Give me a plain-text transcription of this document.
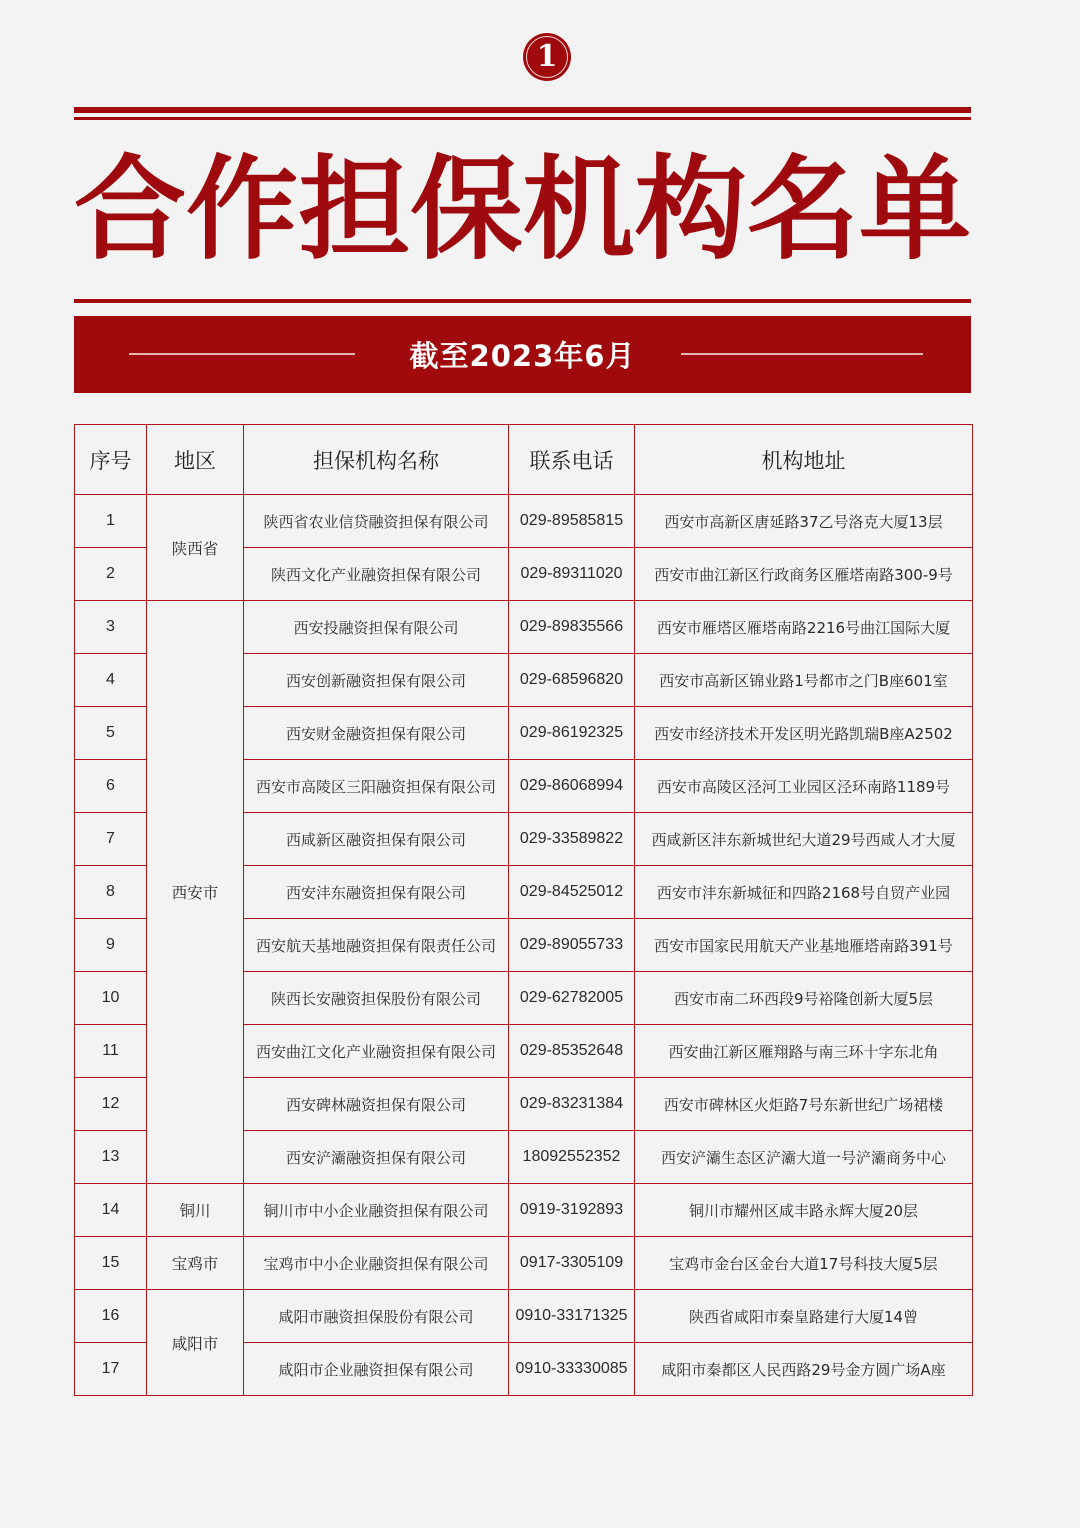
1
合 作 担 保 机 构 名 单
截至2023年6月
序号	地区	担保机构名称	联系电话	机构地址
1	陕西省	陕西省农业信贷融资担保有限公司	029-89585815	西安市高新区唐延路37乙号洛克大厦13层
2		陕西文化产业融资担保有限公司	029-89311020	西安市曲江新区行政商务区雁塔南路300-9号
3	西安市	西安投融资担保有限公司	029-89835566	西安市雁塔区雁塔南路2216号曲江国际大厦
4		西安创新融资担保有限公司	029-68596820	西安市高新区锦业路1号都市之门B座601室
5		西安财金融资担保有限公司	029-86192325	西安市经济技术开发区明光路凯瑞B座A2502
6		西安市高陵区三阳融资担保有限公司	029-86068994	西安市高陵区泾河工业园区泾环南路1189号
7		西咸新区融资担保有限公司	029-33589822	西咸新区沣东新城世纪大道29号西咸人才大厦
8		西安沣东融资担保有限公司	029-84525012	西安市沣东新城征和四路2168号自贸产业园
9		西安航天基地融资担保有限责任公司	029-89055733	西安市国家民用航天产业基地雁塔南路391号
10		陕西长安融资担保股份有限公司	029-62782005	西安市南二环西段9号裕隆创新大厦5层
11		西安曲江文化产业融资担保有限公司	029-85352648	西安曲江新区雁翔路与南三环十字东北角
12		西安碑林融资担保有限公司	029-83231384	西安市碑林区火炬路7号东新世纪广场裙楼
13		西安浐灞融资担保有限公司	18092552352	西安浐灞生态区浐灞大道一号浐灞商务中心
14	铜川	铜川市中小企业融资担保有限公司	0919-3192893	铜川市耀州区咸丰路永辉大厦20层
15	宝鸡市	宝鸡市中小企业融资担保有限公司	0917-3305109	宝鸡市金台区金台大道17号科技大厦5层
16	咸阳市	咸阳市融资担保股份有限公司	0910-33171325	陕西省咸阳市秦皇路建行大厦14曾
17		咸阳市企业融资担保有限公司	0910-33330085	咸阳市秦都区人民西路29号金方圆广场A座
